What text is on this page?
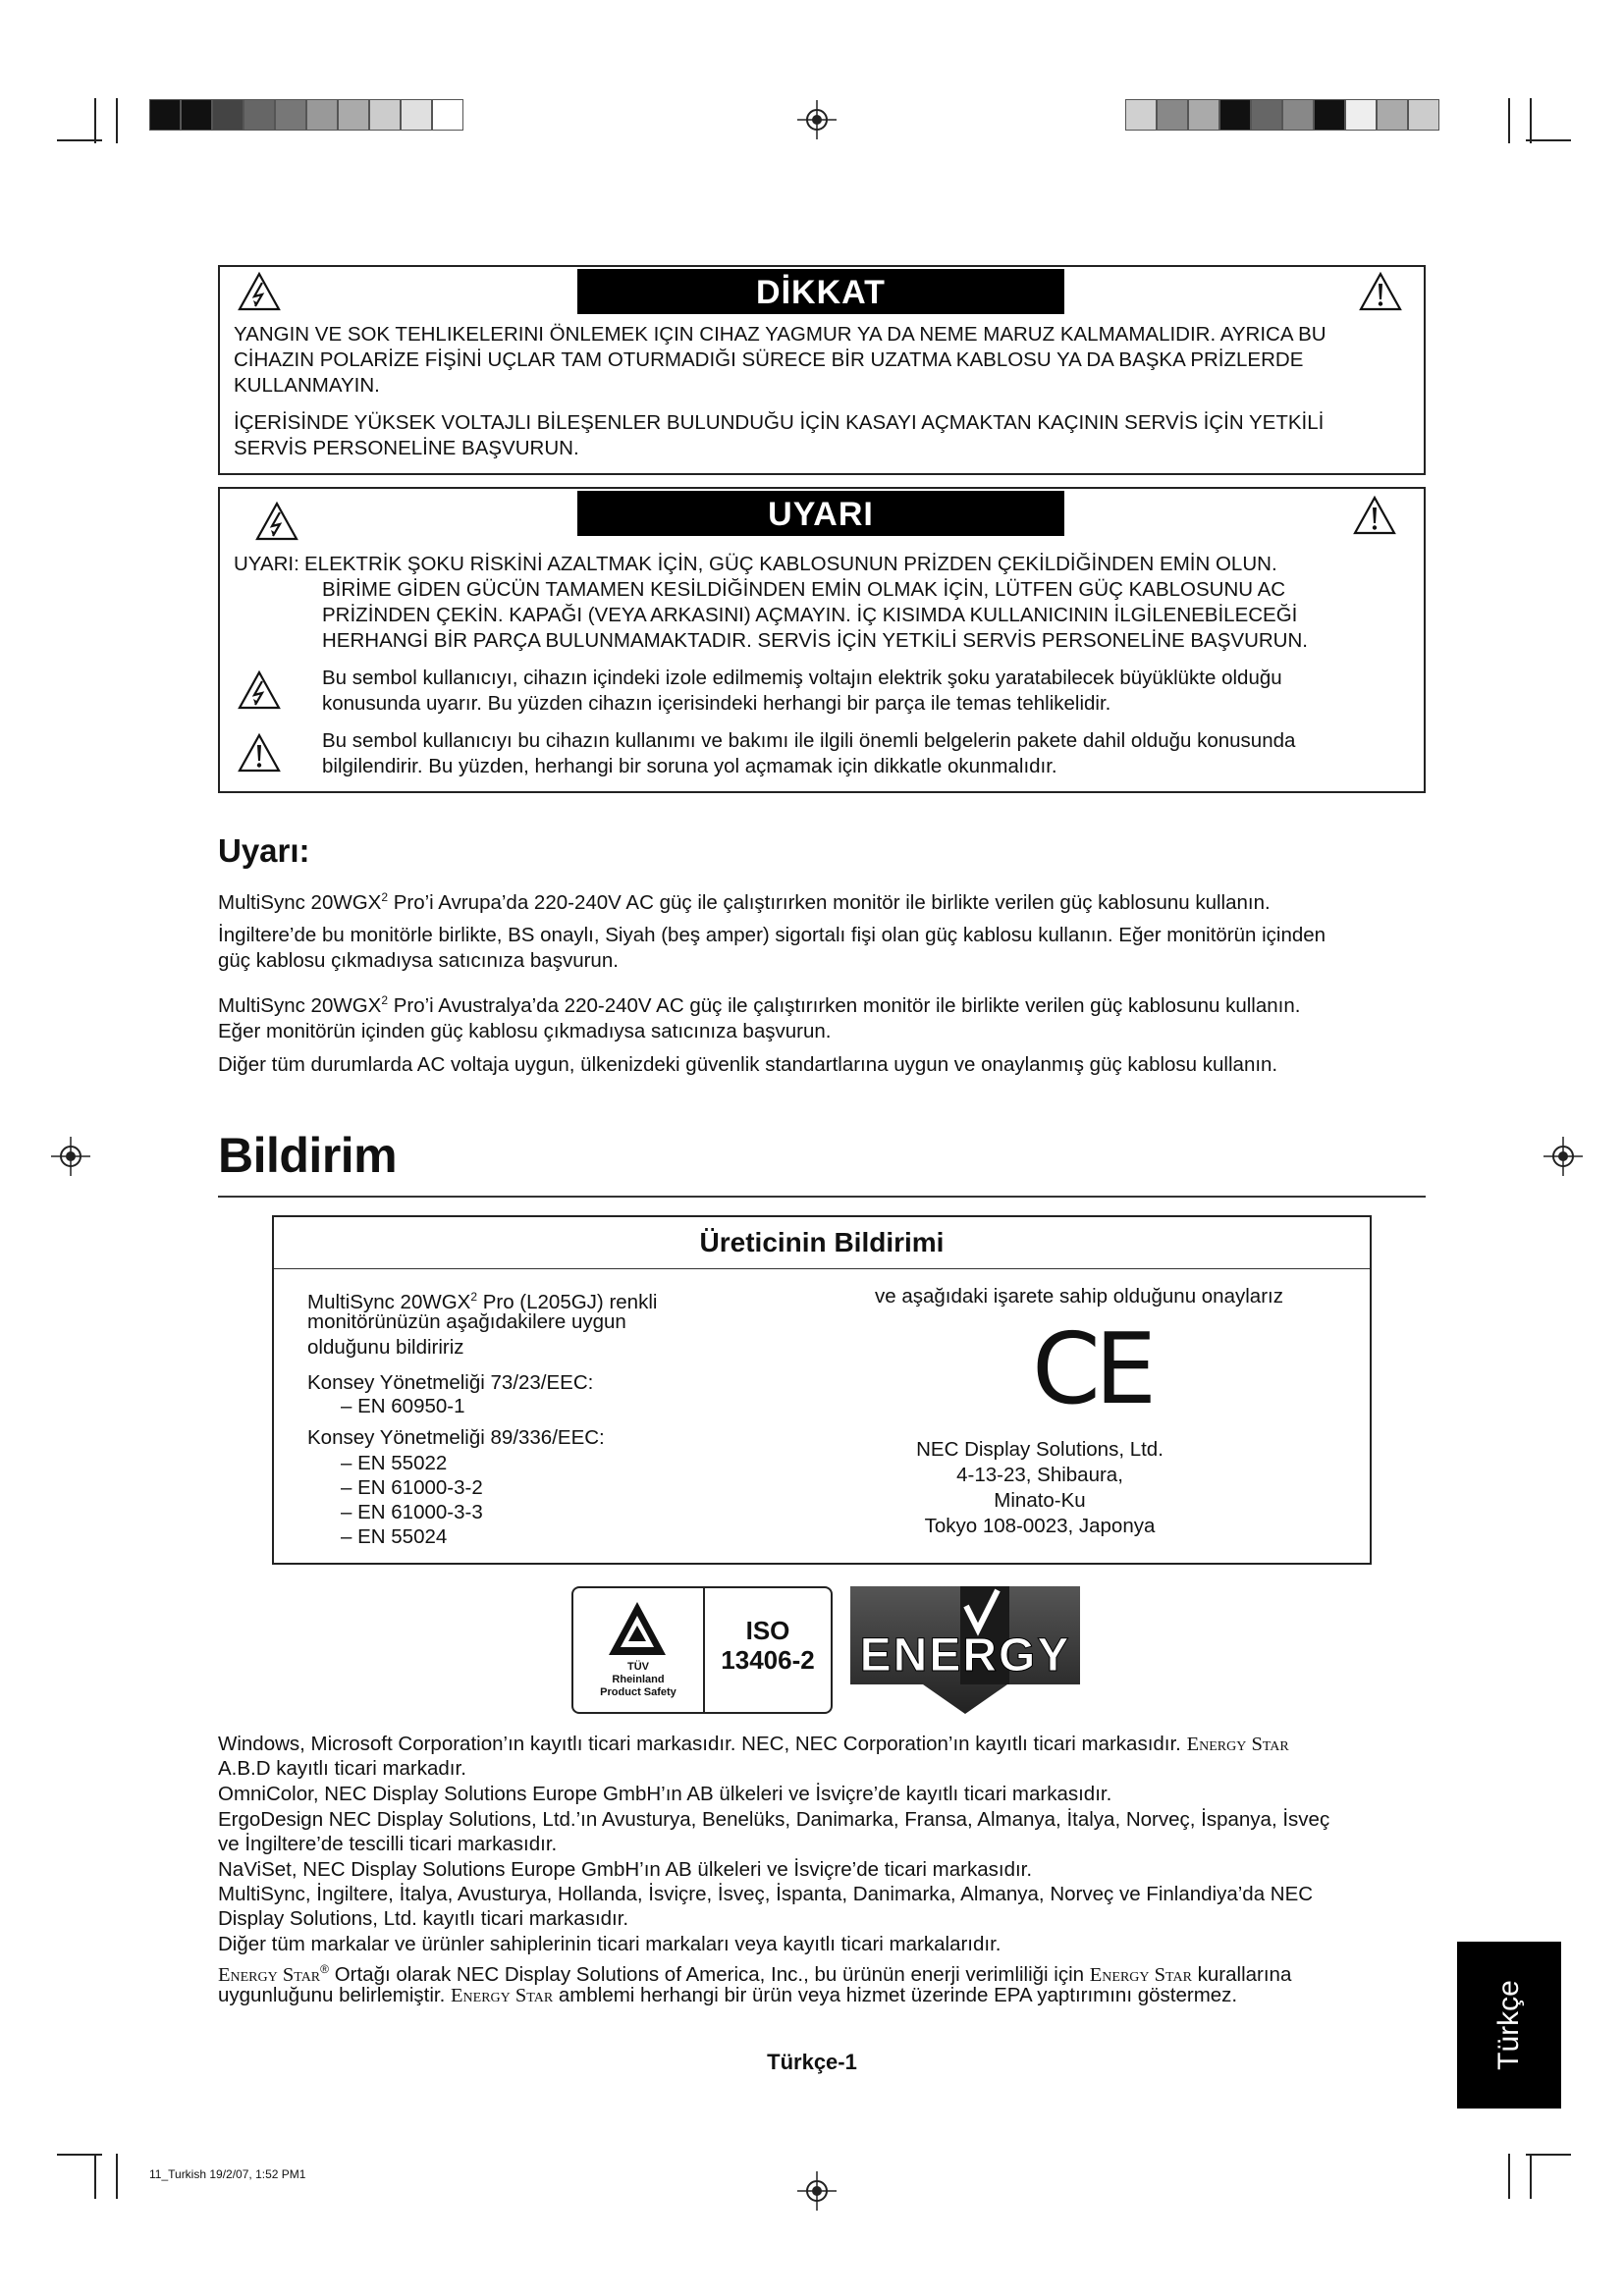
DİKKAT
YANGIN VE SOK TEHLIKELERINI ÖNLEMEK IÇIN CIHAZ YAGMUR YA DA NEME MARUZ KALMAMALIDIR. AYRICA BU
CİHAZIN POLARİZE FİŞİNİ UÇLAR TAM OTURMADIĞI SÜRECE BİR UZATMA KABLOSU YA DA BAŞKA PRİZLERDE
KULLANMAYIN.
İÇERİSİNDE YÜKSEK VOLTAJLI BİLEŞENLER BULUNDUĞU İÇİN KASAYI AÇMAKTAN KAÇININ SERVİS İÇİN YETKİLİ
SERVİS PERSONELİNE BAŞVURUN.
UYARI
UYARI: ELEKTRİK ŞOKU RİSKİNİ AZALTMAK İÇİN, GÜÇ KABLOSUNUN PRİZDEN ÇEKİLDİĞİNDEN EMİN OLUN.
BİRİME GİDEN GÜCÜN TAMAMEN KESİLDİĞİNDEN EMİN OLMAK İÇİN, LÜTFEN GÜÇ KABLOSUNU AC
PRİZİNDEN ÇEKİN. KAPAĞI (VEYA ARKASINI) AÇMAYIN. İÇ KISIMDA KULLANICININ İLGİLENEBİLECEĞİ
HERHANGİ BİR PARÇA BULUNMAMAKTADIR. SERVİS İÇİN YETKİLİ SERVİS PERSONELİNE BAŞVURUN.
Bu sembol kullanıcıyı, cihazın içindeki izole edilmemiş voltajın elektrik şoku yaratabilecek büyüklükte olduğu
konusunda uyarır. Bu yüzden cihazın içerisindeki herhangi bir parça ile temas tehlikelidir.
Bu sembol kullanıcıyı bu cihazın kullanımı ve bakımı ile ilgili önemli belgelerin pakete dahil olduğu konusunda
bilgilendirir. Bu yüzden, herhangi bir soruna yol açmamak için dikkatle okunmalıdır.
Uyarı:

MultiSync 20WGX$^2$ Pro’i Avrupa’da 220-240V AC güç ile çalıştırırken monitör ile birlikte verilen güç kablosunu kullanın.

İngiltere’de bu monitörle birlikte, BS onaylı, Siyah (beş amper) sigortalı fişi olan güç kablosu kullanın. Eğer monitörün içinden
güç kablosu çıkmadıysa satıcınıza başvurun.

MultiSync 20WGX$^2$ Pro’i Avustralya’da 220-240V AC güç ile çalıştırırken monitör ile birlikte verilen güç kablosunu kullanın.
Eğer monitörün içinden güç kablosu çıkmadıysa satıcınıza başvurun.

Diğer tüm durumlarda AC voltaja uygun, ülkenizdeki güvenlik standartlarına uygun ve onaylanmış güç kablosu kullanın.

Bildirim
Üreticinin Bildirimi
MultiSync 20WGX$^2$ Pro (L205GJ) renkli
monitörünüzün aşağıdakilere uygun
olduğunu bildiririz
Konsey Yönetmeliği 73/23/EEC:
– EN 60950-1
Konsey Yönetmeliği 89/336/EEC:
– EN 55022
– EN 61000-3-2
– EN 61000-3-3
– EN 55024
ve aşağıdaki işarete sahip olduğunu onaylarız
CE
NEC Display Solutions, Ltd.
4-13-23, Shibaura,
Minato-Ku
Tokyo 108-0023, Japonya
TÜV
Rheinland
Product Safety
ISO
13406-2 ENERGY
Windows, Microsoft Corporation’ın kayıtlı ticari markasıdır. NEC, NEC Corporation’ın kayıtlı ticari markasıdır. Energy Star
A.B.D kayıtlı ticari markadır.
OmniColor, NEC Display Solutions Europe GmbH’ın AB ülkeleri ve İsviçre’de kayıtlı ticari markasıdır.
ErgoDesign NEC Display Solutions, Ltd.’ın Avusturya, Benelüks, Danimarka, Fransa, Almanya, İtalya, Norveç, İspanya, İsveç
ve İngiltere’de tescilli ticari markasıdır.
NaViSet, NEC Display Solutions Europe GmbH’ın AB ülkeleri ve İsviçre’de ticari markasıdır.
MultiSync, İngiltere, İtalya, Avusturya, Hollanda, İsviçre, İsveç, İspanta, Danimarka, Almanya, Norveç ve Finlandiya’da NEC
Display Solutions, Ltd. kayıtlı ticari markasıdır.
Diğer tüm markalar ve ürünler sahiplerinin ticari markaları veya kayıtlı ticari markalarıdır.
Energy Star® Ortağı olarak NEC Display Solutions of America, Inc., bu ürünün enerji verimliliği için Energy Star kurallarına
uygunluğunu belirlemiştir. Energy Star amblemi herhangi bir ürün veya hizmet üzerinde EPA yaptırımını göstermez.
Türkçe-1	Türkçe
11_Turkish 19/2/07, 1:52 PM1
